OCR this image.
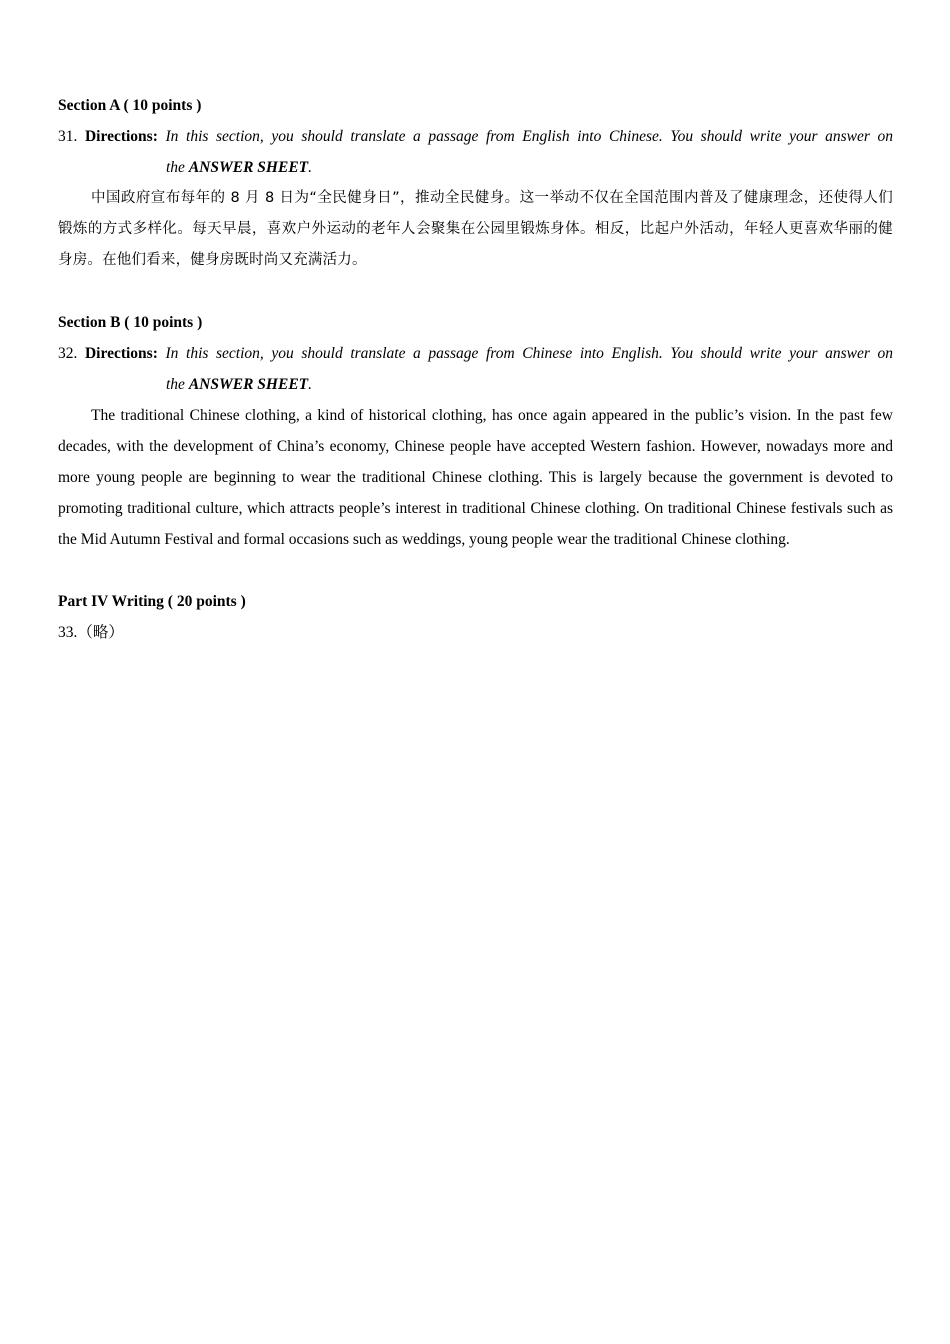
Section A ( 10 points )
31. Directions: In this section, you should translate a passage from English into Chinese. You should write your answer on
the ANSWER SHEET.

中国政府宣布每年的 8 月 8 日为“全民健身日”，推动全民健身。这一举动不仅在全国范围内普及了健康理念，还使得人们锻炼的方式多样化。每天早晨，喜欢户外运动的老年人会聚集在公园里锻炼身体。相反，比起户外活动，年轻人更喜欢华丽的健身房。在他们看来，健身房既时尚又充满活力。

Section B ( 10 points )
32. Directions: In this section, you should translate a passage from Chinese into English. You should write your answer on
the ANSWER SHEET.

The traditional Chinese clothing, a kind of historical clothing, has once again appeared in the public’s vision. In the past few decades, with the development of China’s economy, Chinese people have accepted Western fashion. However, nowadays more and more young people are beginning to wear the traditional Chinese clothing. This is largely because the government is devoted to promoting traditional culture, which attracts people’s interest in traditional Chinese clothing. On traditional Chinese festivals such as the Mid Autumn Festival and formal occasions such as weddings, young people wear the traditional Chinese clothing.

Part IV Writing ( 20 points )
33.（略）
